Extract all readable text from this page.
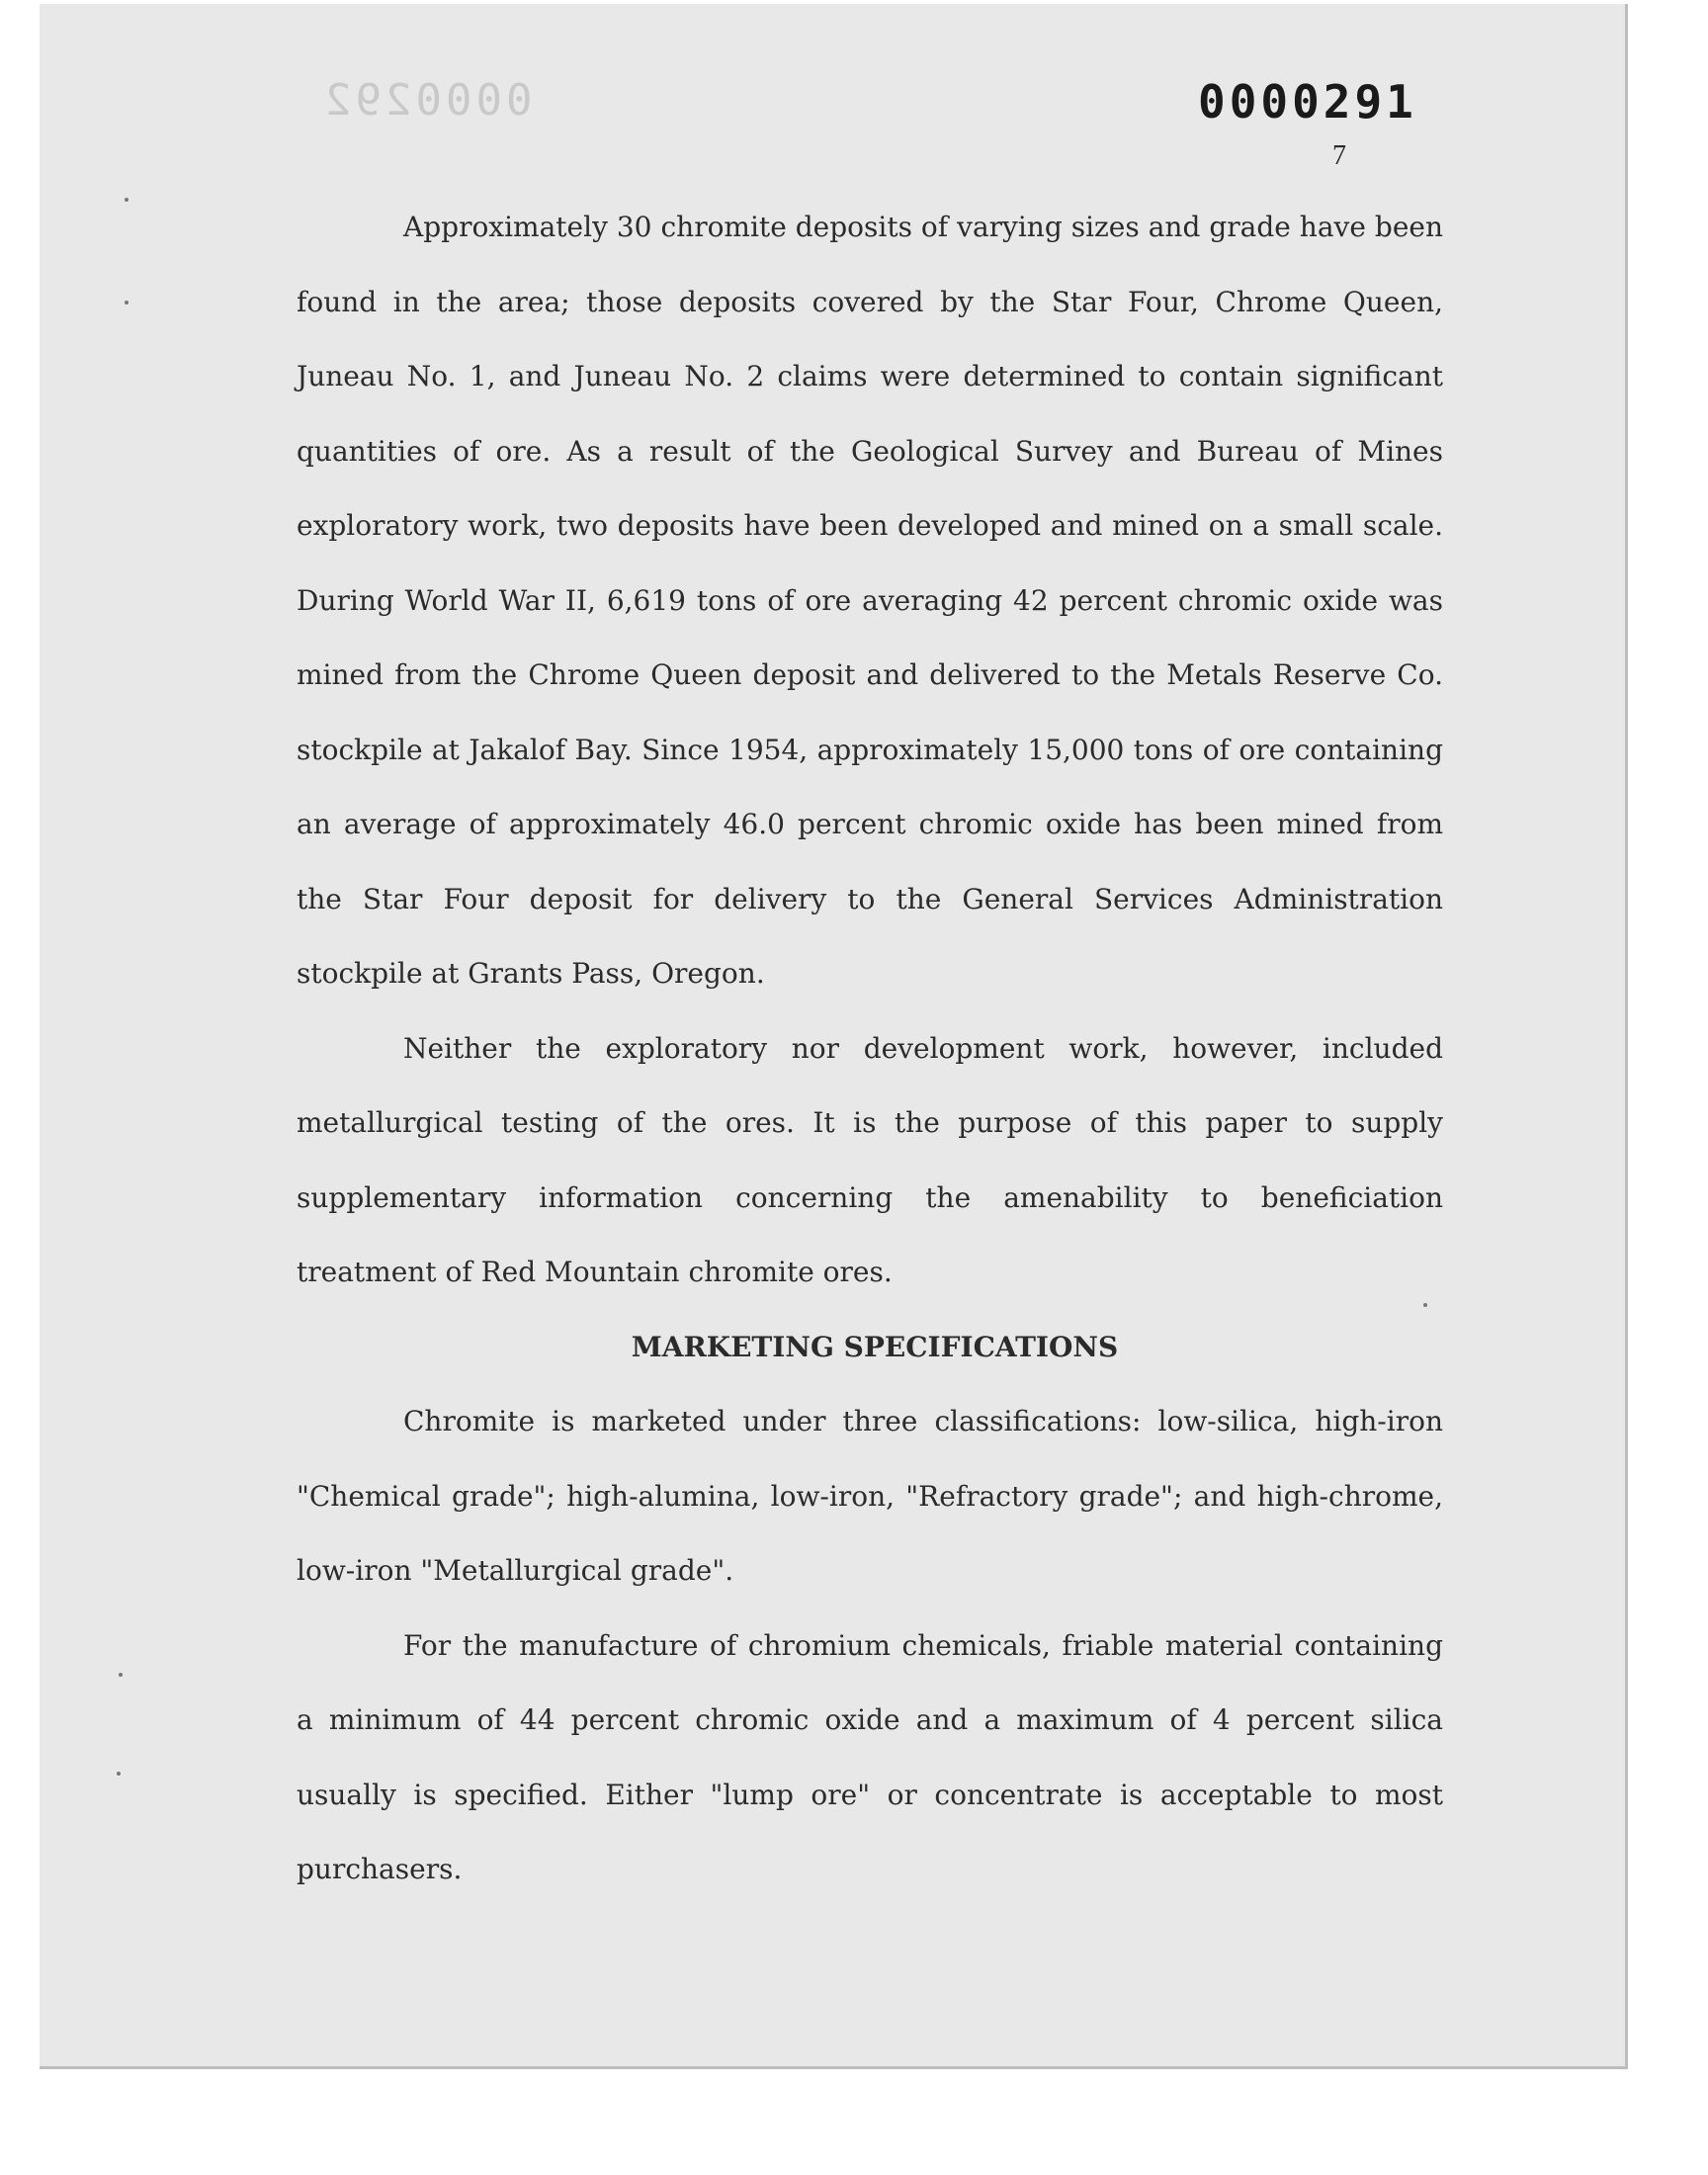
0000292	0000291
7

Approximately 30 chromite deposits of varying sizes and grade have been found in the area; those deposits covered by the Star Four, Chrome Queen, Juneau No. 1, and Juneau No. 2 claims were determined to contain significant quantities of ore. As a result of the Geological Survey and Bureau of Mines exploratory work, two deposits have been developed and mined on a small scale. During World War II, 6,619 tons of ore averaging 42 percent chromic oxide was mined from the Chrome Queen deposit and delivered to the Metals Reserve Co. stockpile at Jakalof Bay. Since 1954, approximately 15,000 tons of ore containing an average of approximately 46.0 percent chromic oxide has been mined from the Star Four deposit for delivery to the General Services Administration stockpile at Grants Pass, Oregon.

Neither the exploratory nor development work, however, included metallurgical testing of the ores. It is the purpose of this paper to supply supplementary information concerning the amenability to beneficiation treatment of Red Mountain chromite ores.

MARKETING SPECIFICATIONS

Chromite is marketed under three classifications: low-silica, high-iron "Chemical grade"; high-alumina, low-iron, "Refractory grade"; and high-chrome, low-iron "Metallurgical grade".

For the manufacture of chromium chemicals, friable material containing a minimum of 44 percent chromic oxide and a maximum of 4 percent silica usually is specified. Either "lump ore" or concentrate is acceptable to most purchasers.
